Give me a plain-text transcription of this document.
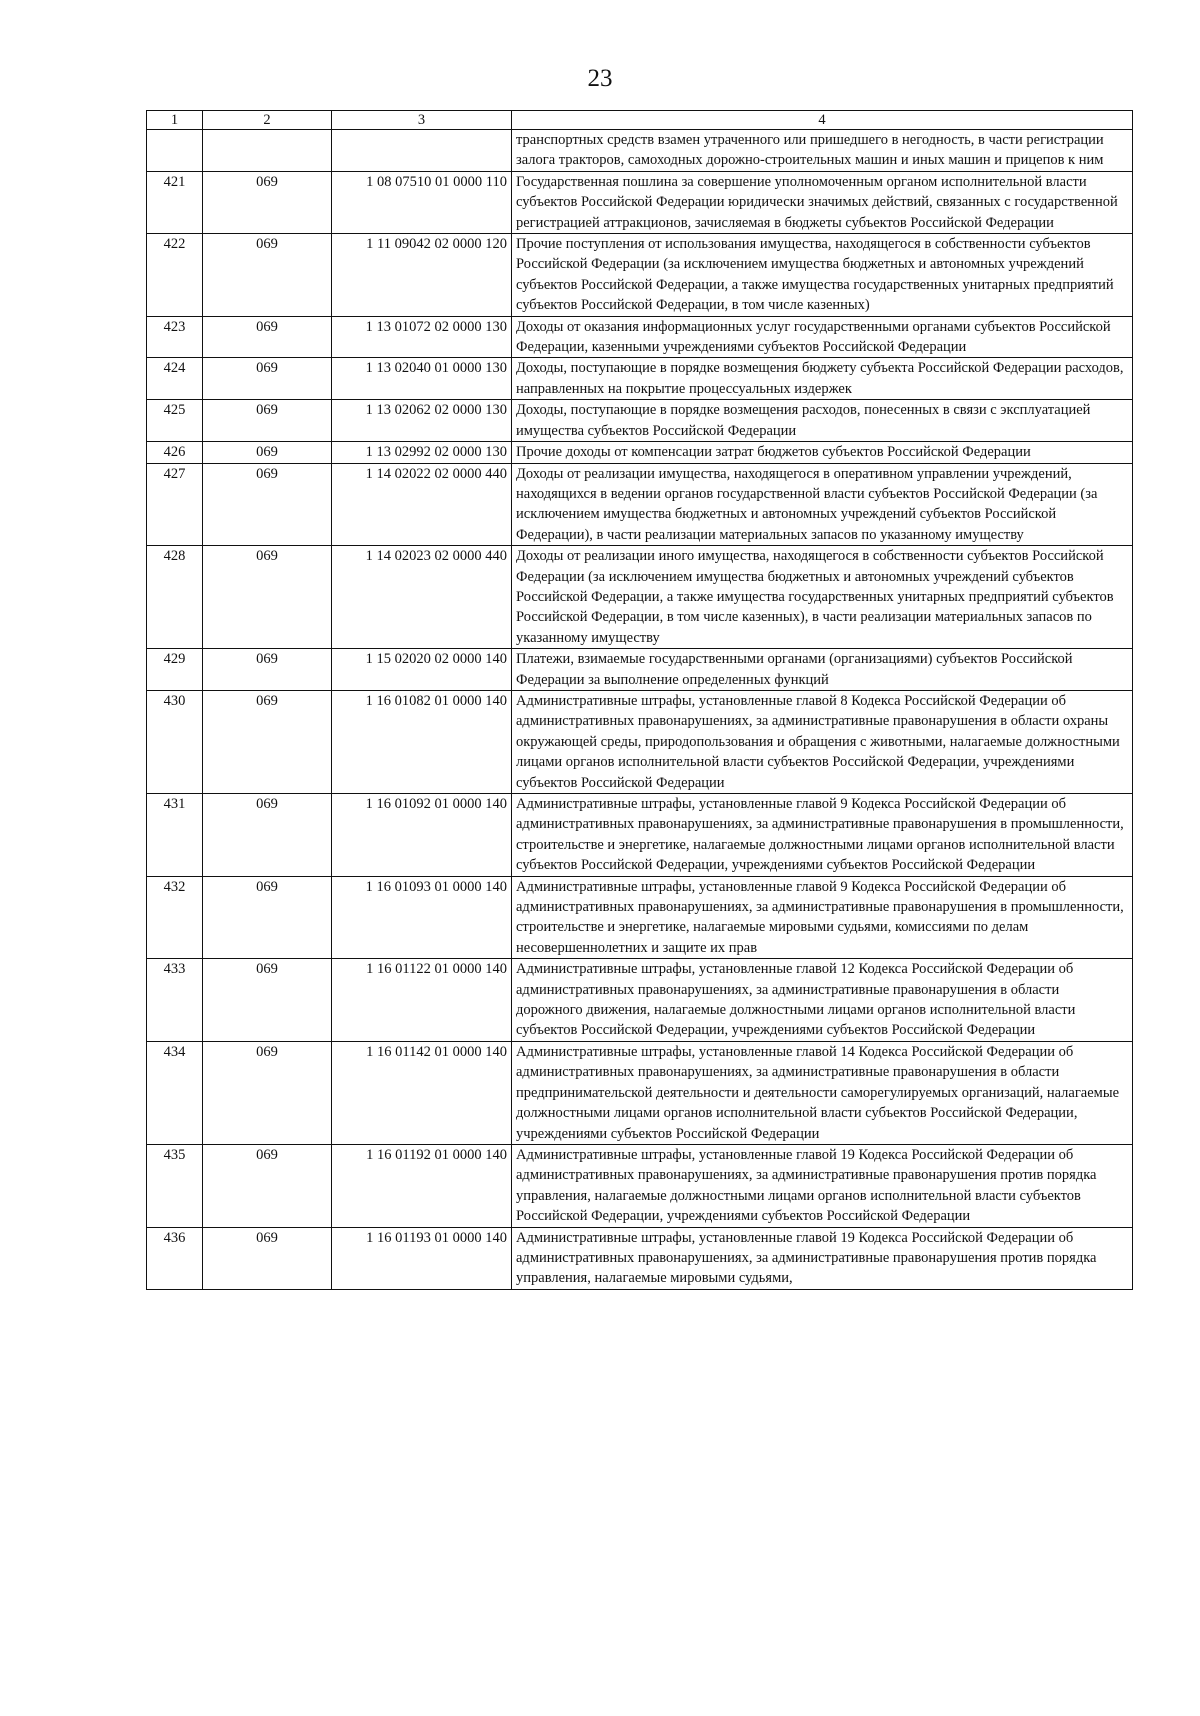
23
1	2	3	4
			транспортных средств взамен утраченного или пришедшего в негодность, в части регистрации залога тракторов, самоходных дорожно-строительных машин и иных машин и прицепов к ним
421	069	1 08 07510 01 0000 110	Государственная пошлина за совершение уполномоченным органом исполнительной власти субъектов Российской Федерации юридически значимых действий, связанных с государственной регистрацией аттракционов, зачисляемая в бюджеты субъектов Российской Федерации
422	069	1 11 09042 02 0000 120	Прочие поступления от использования имущества, находящегося в собственности субъектов Российской Федерации (за исключением имущества бюджетных и автономных учреждений субъектов Российской Федерации, а также имущества государственных унитарных предприятий субъектов Российской Федерации, в том числе казенных)
423	069	1 13 01072 02 0000 130	Доходы от оказания информационных услуг государственными органами субъектов Российской Федерации, казенными учреждениями субъектов Российской Федерации
424	069	1 13 02040 01 0000 130	Доходы, поступающие в порядке возмещения бюджету субъекта Российской Федерации расходов, направленных на покрытие процессуальных издержек
425	069	1 13 02062 02 0000 130	Доходы, поступающие в порядке возмещения расходов, понесенных в связи с эксплуатацией имущества субъектов Российской Федерации
426	069	1 13 02992 02 0000 130	Прочие доходы от компенсации затрат бюджетов субъектов Российской Федерации
427	069	1 14 02022 02 0000 440	Доходы от реализации имущества, находящегося в оперативном управлении учреждений, находящихся в ведении органов государственной власти субъектов Российской Федерации (за исключением имущества бюджетных и автономных учреждений субъектов Российской Федерации), в части реализации материальных запасов по указанному имуществу
428	069	1 14 02023 02 0000 440	Доходы от реализации иного имущества, находящегося в собственности субъектов Российской Федерации (за исключением имущества бюджетных и автономных учреждений субъектов Российской Федерации, а также имущества государственных унитарных предприятий субъектов Российской Федерации, в том числе казенных), в части реализации материальных запасов по указанному имуществу
429	069	1 15 02020 02 0000 140	Платежи, взимаемые государственными органами (организациями) субъектов Российской Федерации за выполнение определенных функций
430	069	1 16 01082 01 0000 140	Административные штрафы, установленные главой 8 Кодекса Российской Федерации об административных правонарушениях, за административные правонарушения в области охраны окружающей среды, природопользования и обращения с животными, налагаемые должностными лицами органов исполнительной власти субъектов Российской Федерации, учреждениями субъектов Российской Федерации
431	069	1 16 01092 01 0000 140	Административные штрафы, установленные главой 9 Кодекса Российской Федерации об административных правонарушениях, за административные правонарушения в промышленности, строительстве и энергетике, налагаемые должностными лицами органов исполнительной власти субъектов Российской Федерации, учреждениями субъектов Российской Федерации
432	069	1 16 01093 01 0000 140	Административные штрафы, установленные главой 9 Кодекса Российской Федерации об административных правонарушениях, за административные правонарушения в промышленности, строительстве и энергетике, налагаемые мировыми судьями, комиссиями по делам несовершеннолетних и защите их прав
433	069	1 16 01122 01 0000 140	Административные штрафы, установленные главой 12 Кодекса Российской Федерации об административных правонарушениях, за административные правонарушения в области дорожного движения, налагаемые должностными лицами органов исполнительной власти субъектов Российской Федерации, учреждениями субъектов Российской Федерации
434	069	1 16 01142 01 0000 140	Административные штрафы, установленные главой 14 Кодекса Российской Федерации об административных правонарушениях, за административные правонарушения в области предпринимательской деятельности и деятельности саморегулируемых организаций, налагаемые должностными лицами органов исполнительной власти субъектов Российской Федерации, учреждениями субъектов Российской Федерации
435	069	1 16 01192 01 0000 140	Административные штрафы, установленные главой 19 Кодекса Российской Федерации об административных правонарушениях, за административные правонарушения против порядка управления, налагаемые должностными лицами органов исполнительной власти субъектов Российской Федерации, учреждениями субъектов Российской Федерации
436	069	1 16 01193 01 0000 140	Административные штрафы, установленные главой 19 Кодекса Российской Федерации об административных правонарушениях, за административные правонарушения против порядка управления, налагаемые мировыми судьями,
